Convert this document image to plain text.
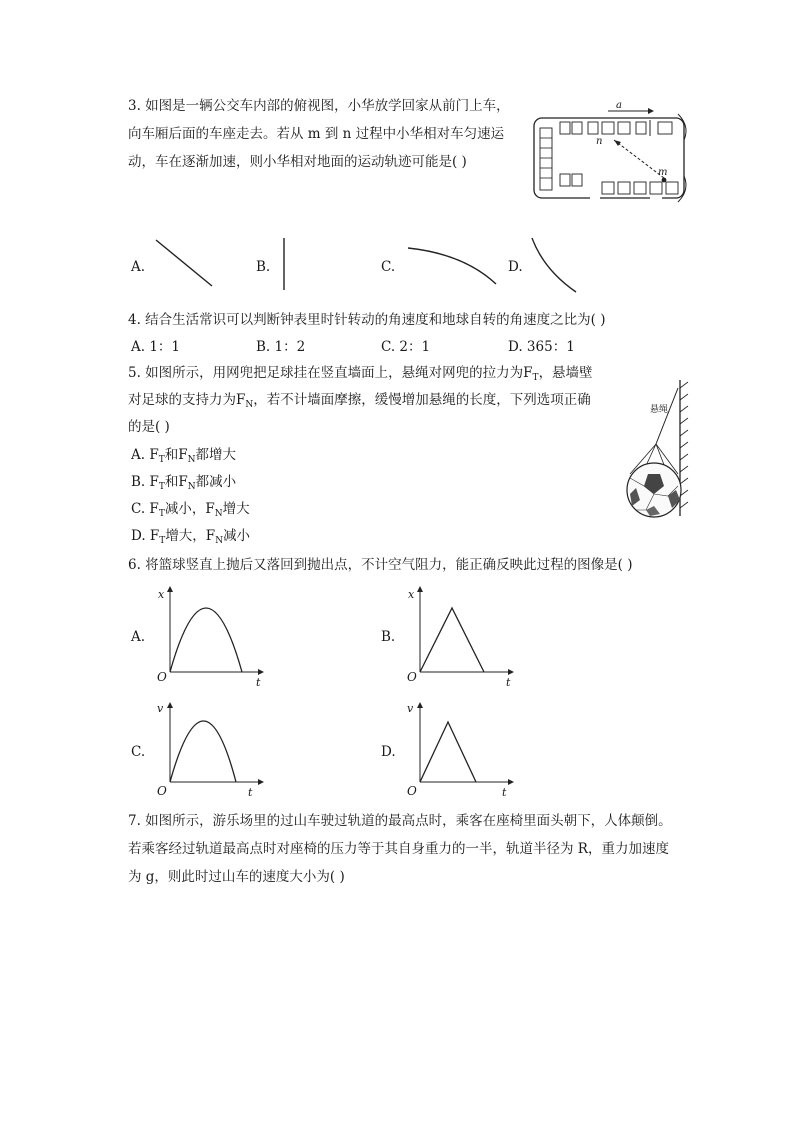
3. 如图是一辆公交车内部的俯视图，小华放学回家从前门上车，
向车厢后面的车座走去。若从 m 到 n 过程中小华相对车匀速运
动，车在逐渐加速，则小华相对地面的运动轨迹可能是( )
a
m
n
A.	B.	C.	D.
4. 结合生活常识可以判断钟表里时针转动的角速度和地球自转的角速度之比为( )
A. 1：1	B. 1：2	C. 2：1	D. 365：1
5. 如图所示，用网兜把足球挂在竖直墙面上，悬绳对网兜的拉力为$F_T$，悬墙壁
对足球的支持力为$F_N$，若不计墙面摩擦，缓慢增加悬绳的长度，下列选项正确
的是( )
A. $F_T$和$F_N$都增大
B. $F_T$和$F_N$都减小
C. $F_T$减小，$F_N$增大
D. $F_T$增大，$F_N$减小
悬绳
6. 将篮球竖直上抛后又落回到抛出点，不计空气阻力，能正确反映此过程的图像是( )
A.
x
O	t
B.
x
O	t
C.
v
O	t
D.
v
O	t
7. 如图所示，游乐场里的过山车驶过轨道的最高点时，乘客在座椅里面头朝下，人体颠倒。
若乘客经过轨道最高点时对座椅的压力等于其自身重力的一半，轨道半径为 R，重力加速度
为 g，则此时过山车的速度大小为( )
